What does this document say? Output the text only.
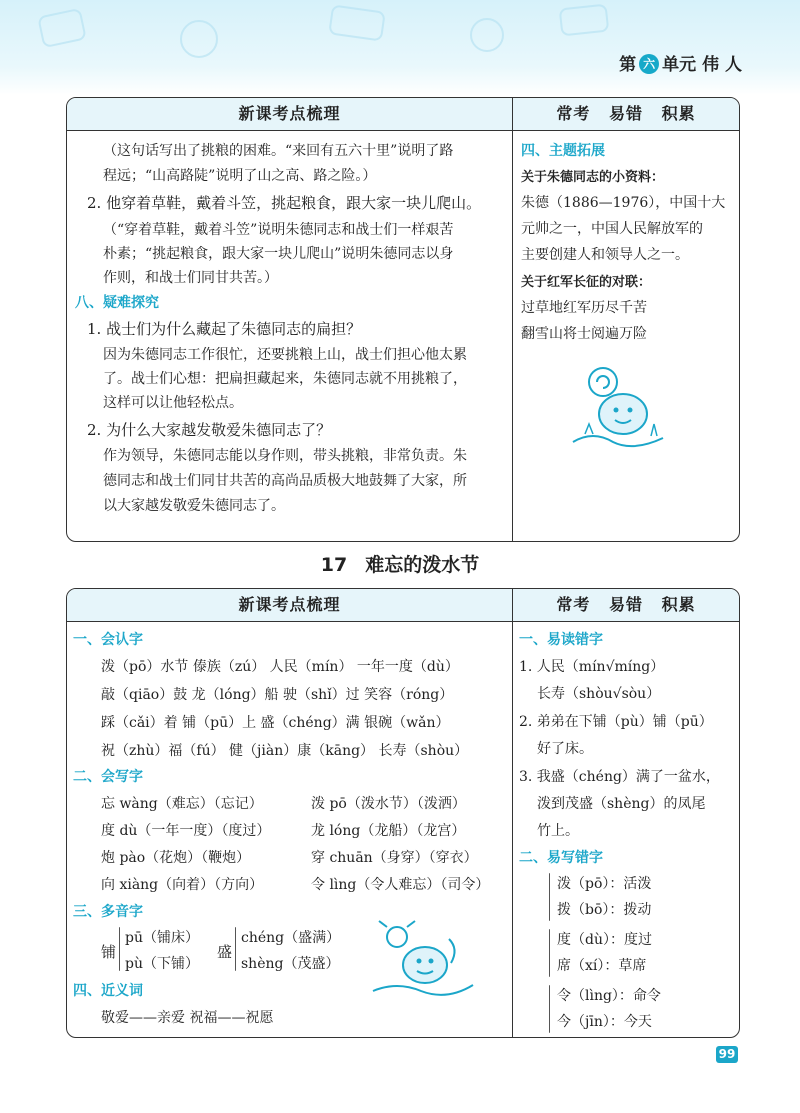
第 六 单元 伟 人
新课考点梳理
（这句话写出了挑粮的困难。“来回有五六十里”说明了路
程远；“山高路陡”说明了山之高、路之险。）
2. 他穿着草鞋，戴着斗笠，挑起粮食，跟大家一块儿爬山。
（“穿着草鞋，戴着斗笠”说明朱德同志和战士们一样艰苦
朴素；“挑起粮食，跟大家一块儿爬山”说明朱德同志以身
作则，和战士们同甘共苦。）
八、疑难探究
1. 战士们为什么藏起了朱德同志的扁担？
因为朱德同志工作很忙，还要挑粮上山，战士们担心他太累
了。战士们心想：把扁担藏起来，朱德同志就不用挑粮了，
这样可以让他轻松点。
2. 为什么大家越发敬爱朱德同志了？
作为领导，朱德同志能以身作则，带头挑粮，非常负责。朱
德同志和战士们同甘共苦的高尚品质极大地鼓舞了大家，所
以大家越发敬爱朱德同志了。
常考 易错 积累
四、主题拓展
关于朱德同志的小资料：
朱德（1886—1976），中国十大
元帅之一，中国人民解放军的
主要创建人和领导人之一。
关于红军长征的对联：
过草地红军历尽千苦
翻雪山将士阅遍万险
17 难忘的泼水节
新课考点梳理
一、会认字
泼（pō）水节 傣族（zú） 人民（mín） 一年一度（dù）
敲（qiāo）鼓 龙（lóng）船 驶（shǐ）过 笑容（róng）
踩（cǎi）着 铺（pū）上 盛（chéng）满 银碗（wǎn）
祝（zhù）福（fú） 健（jiàn）康（kāng） 长寿（shòu）
二、会写字
忘 wàng（难忘）（忘记）
度 dù（一年一度）（度过）
炮 pào（花炮）（鞭炮）
向 xiàng（向着）（方向）
泼 pō（泼水节）（泼洒）
龙 lóng（龙船）（龙宫）
穿 chuān（身穿）（穿衣）
令 lìng（令人难忘）（司令）
三、多音字
铺
pū（铺床）
pù（下铺）
盛
chéng（盛满）
shèng（茂盛）
四、近义词
敬爱——亲爱 祝福——祝愿
常考 易错 积累
一、易读错字
1. 人民（mín√míng）
长寿（shòu√sòu）
2. 弟弟在下铺（pù）铺（pū）
好了床。
3. 我盛（chéng）满了一盆水，
泼到茂盛（shèng）的凤尾
竹上。
二、易写错字
泼（pō）：活泼
拨（bō）：拨动
度（dù）：度过
席（xí）：草席
令（lìng）：命令
今（jīn）：今天
99
